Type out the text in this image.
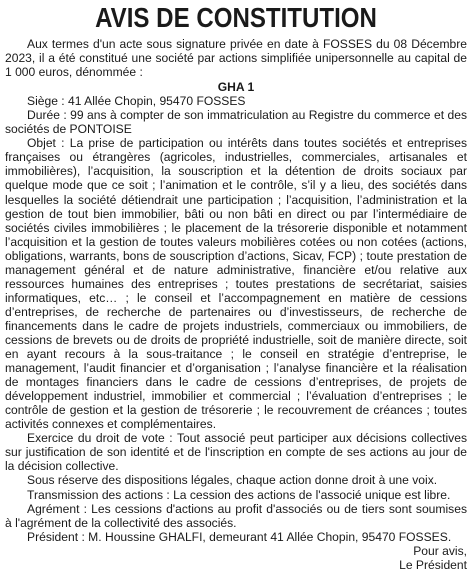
AVIS DE CONSTITUTION

Aux termes d'un acte sous signature privée en date à FOSSES du 08 Décembre 2023, il a été constitué une société par actions simplifiée unipersonnelle au capital de 1 000 euros, dénommée :

GHA 1

Siège : 41 Allée Chopin, 95470 FOSSES

Durée : 99 ans à compter de son immatriculation au Registre du commerce et des sociétés de PONTOISE

Objet : La prise de participation ou intérêts dans toutes sociétés et entreprises françaises ou étrangères (agricoles, industrielles, commerciales, artisanales et immobilières), l’acquisition, la souscription et la détention de droits sociaux par quelque mode que ce soit ; l’animation et le contrôle, s’il y a lieu, des sociétés dans lesquelles la société détiendrait une participation ; l’acquisition, l’administration et la gestion de tout bien immobilier, bâti ou non bâti en direct ou par l’intermédiaire de sociétés civiles immobilières ; le placement de la trésorerie disponible et notamment l’acquisition et la gestion de toutes valeurs mobilières cotées ou non cotées (actions, obligations, warrants, bons de souscription d’actions, Sicav, FCP) ; toute prestation de management général et de nature administrative, financière et/ou relative aux ressources humaines des entreprises ; toutes prestations de secrétariat, saisies informatiques, etc… ; le conseil et l’accompagnement en matière de cessions d’entreprises, de recherche de partenaires ou d’investisseurs, de recherche de financements dans le cadre de projets industriels, commerciaux ou immobiliers, de cessions de brevets ou de droits de propriété industrielle, soit de manière directe, soit en ayant recours à la sous-traitance ; le conseil en stratégie d’entreprise, le management, l’audit financier et d’organisation ; l’analyse financière et la réalisation de montages financiers dans le cadre de cessions d’entreprises, de projets de développement industriel, immobilier et commercial ; l’évaluation d’entreprises ; le contrôle de gestion et la gestion de trésorerie ; le recouvrement de créances ; toutes activités connexes et complémentaires.

Exercice du droit de vote : Tout associé peut participer aux décisions collectives sur justification de son identité et de l'inscription en compte de ses actions au jour de la décision collective.

Sous réserve des dispositions légales, chaque action donne droit à une voix.

Transmission des actions : La cession des actions de l'associé unique est libre.

Agrément : Les cessions d'actions au profit d'associés ou de tiers sont soumises à l'agrément de la collectivité des associés.

Président : M. Houssine GHALFI, demeurant 41 Allée Chopin, 95470 FOSSES.

Pour avis,

Le Président
